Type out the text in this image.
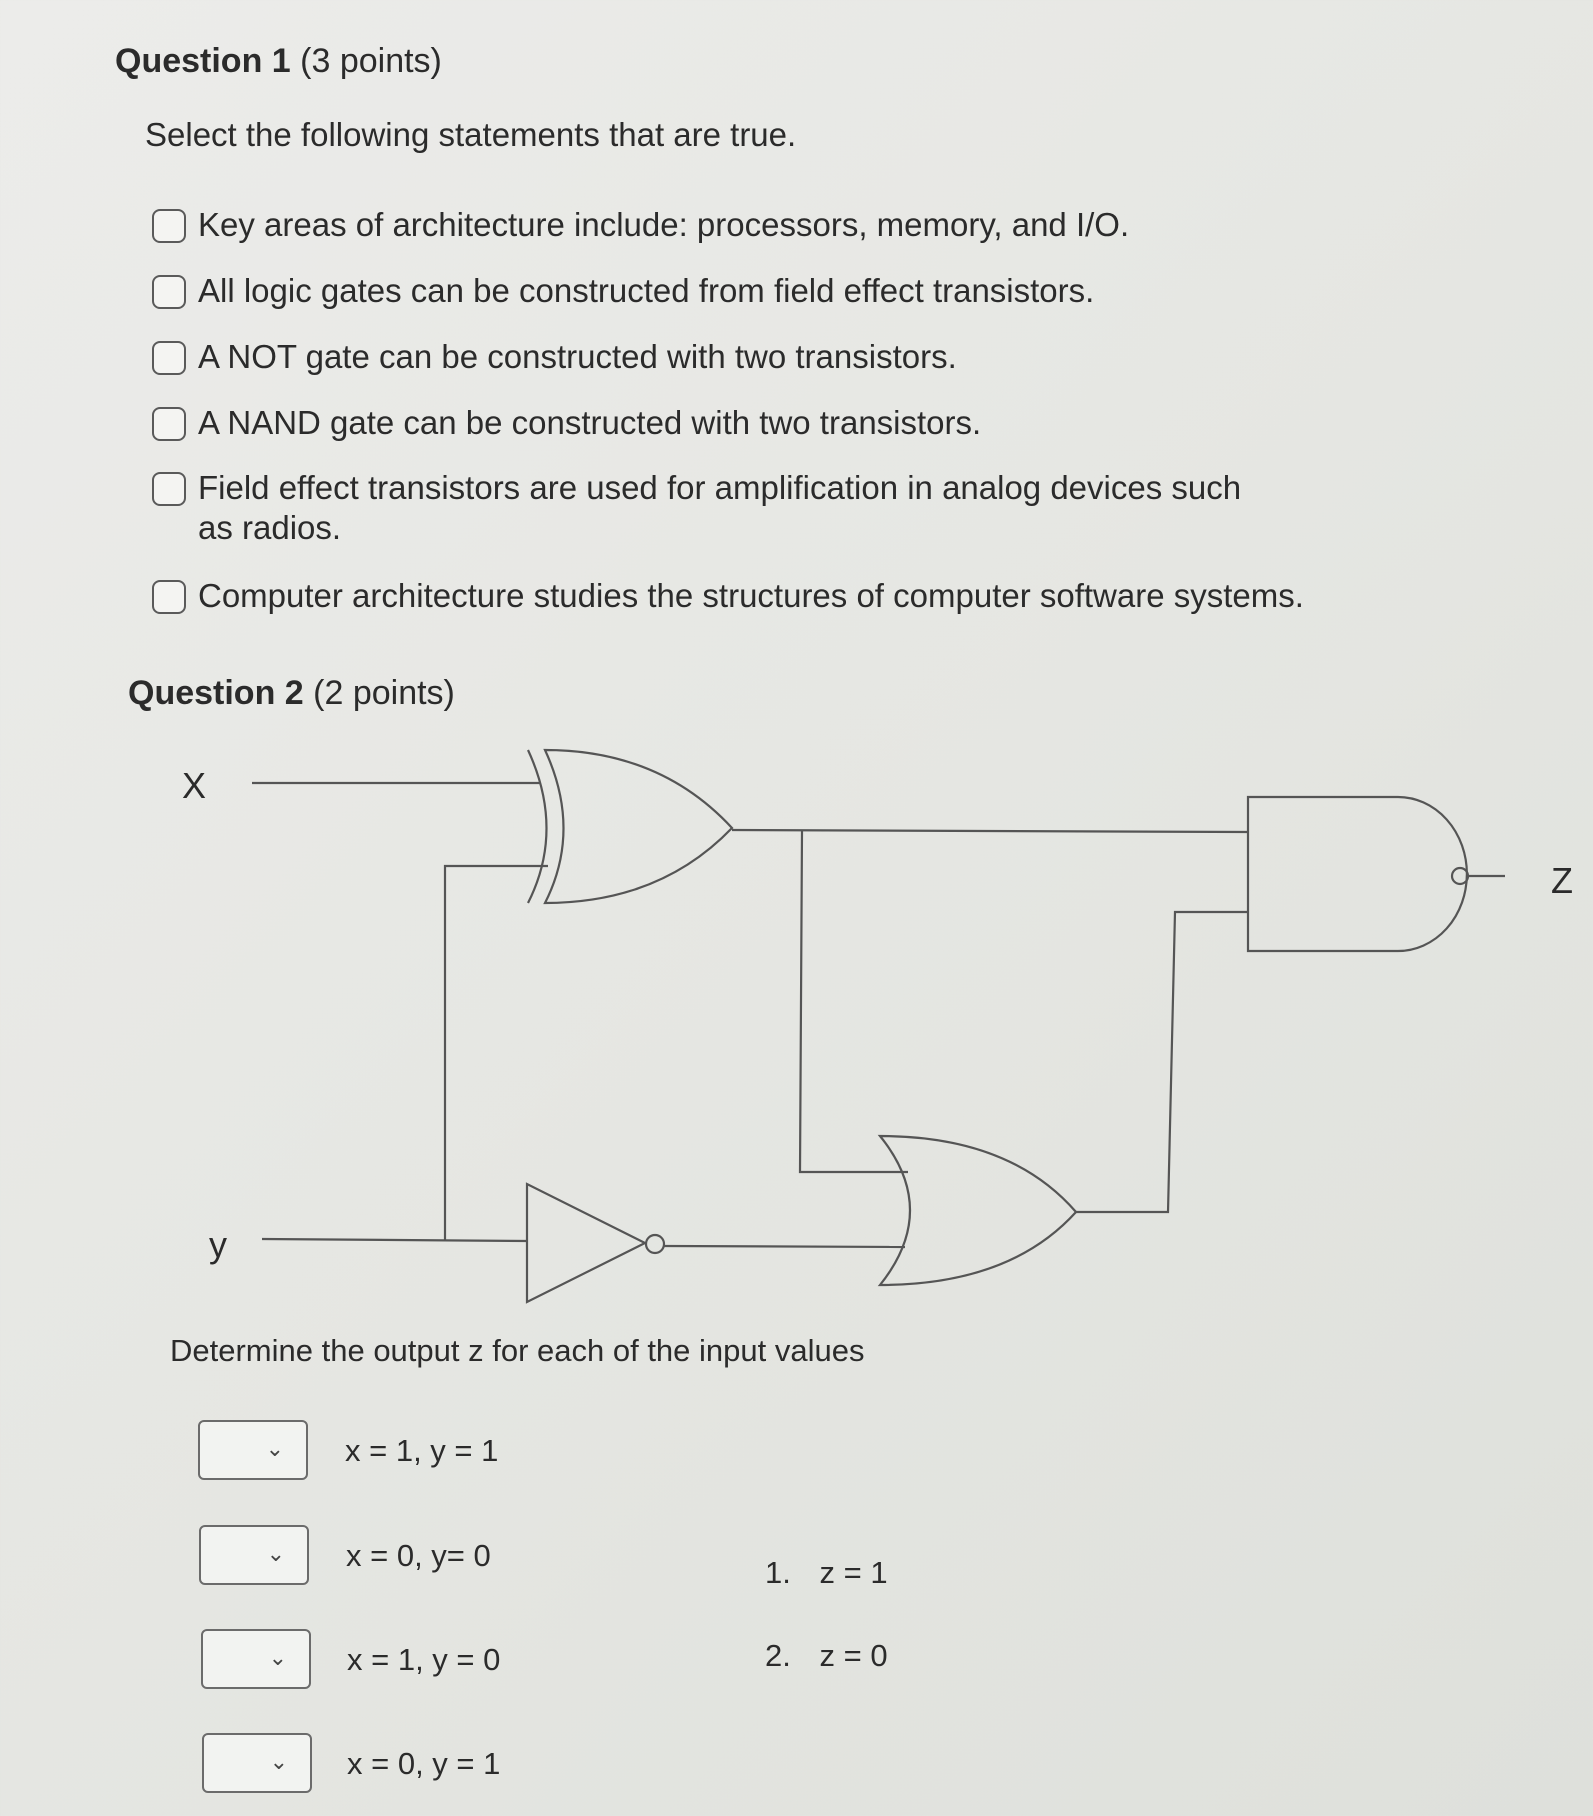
Question 1 (3 points)
Select the following statements that are true.
Key areas of architecture include: processors, memory, and I/O.
All logic gates can be constructed from field effect transistors.
A NOT gate can be constructed with two transistors.
A NAND gate can be constructed with two transistors.
Field effect transistors are used for amplification in analog devices such as radios.
Computer architecture studies the structures of computer software systems.
Question 2 (2 points)
X
y
Z
Determine the output z for each of the input values
⌄ x = 1, y = 1
⌄ x = 0, y= 0
⌄ x = 1, y = 0
⌄ x = 0, y = 1
1. z = 1
2. z = 0
